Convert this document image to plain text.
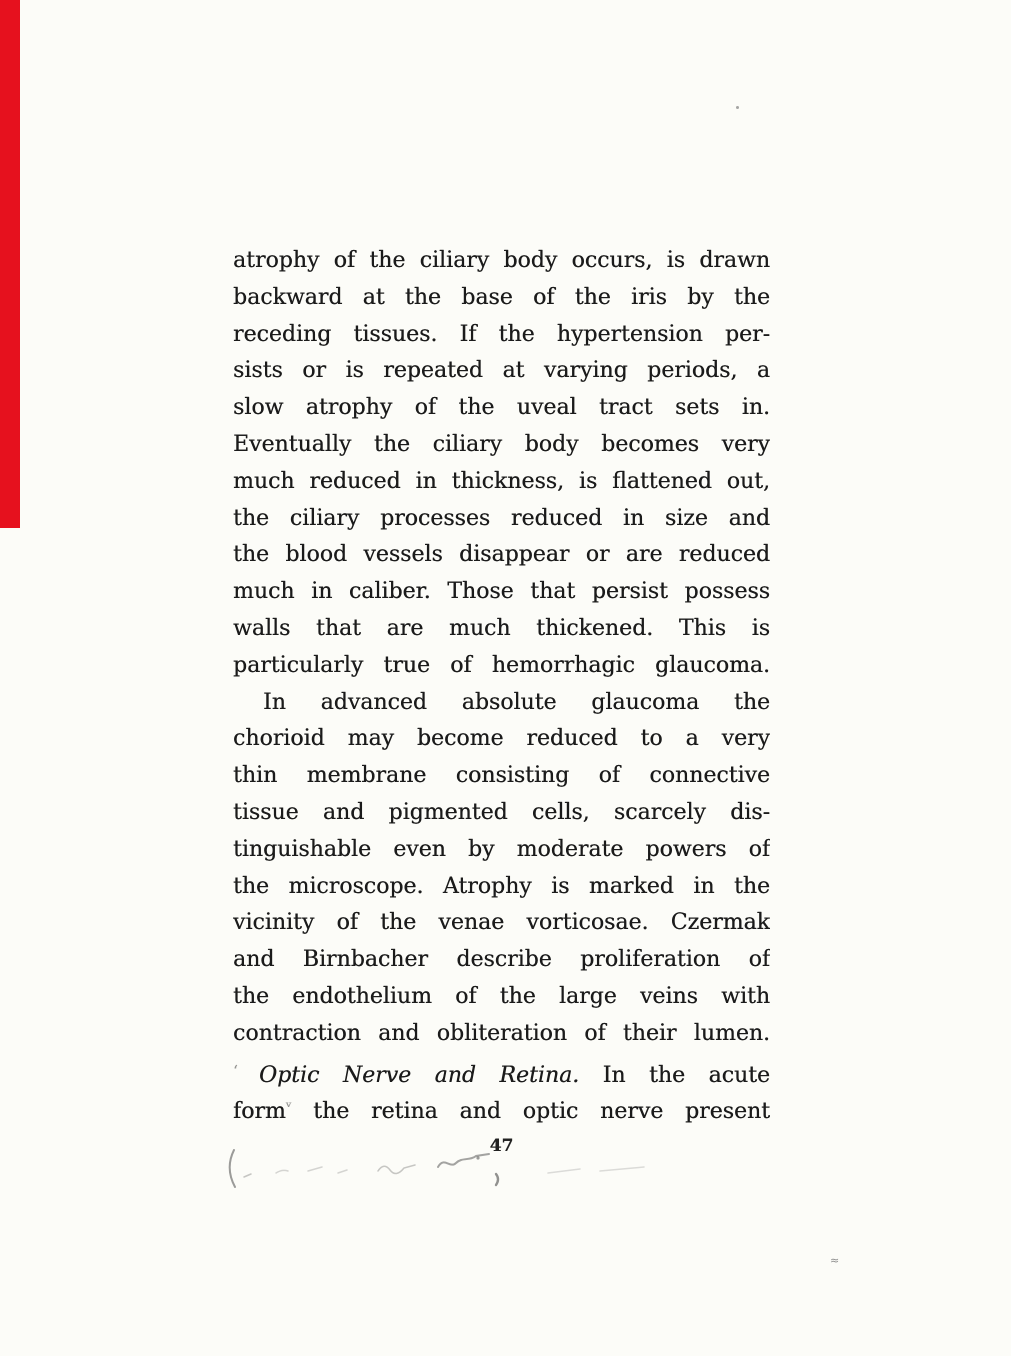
atrophy of the ciliary body occurs, is drawn
backward at the base of the iris by the
receding tissues. If the hypertension per-
sists or is repeated at varying periods, a
slow atrophy of the uveal tract sets in.
Eventually the ciliary body becomes very
much reduced in thickness, is flattened out,
the ciliary processes reduced in size and
the blood vessels disappear or are reduced
much in caliber. Those that persist possess
walls that are much thickened. This is
particularly true of hemorrhagic glaucoma.
In advanced absolute glaucoma the
chorioid may become reduced to a very
thin membrane consisting of connective
tissue and pigmented cells, scarcely dis-
tinguishable even by moderate powers of
the microscope. Atrophy is marked in the
vicinity of the venae vorticosae. Czermak
and Birnbacher describe proliferation of
the endothelium of the large veins with
contraction and obliteration of their lumen.
$^ʻ$ Optic Nerve and Retina. In the acute
form$^ᵛ$ the retina and optic nerve present
47
≈
